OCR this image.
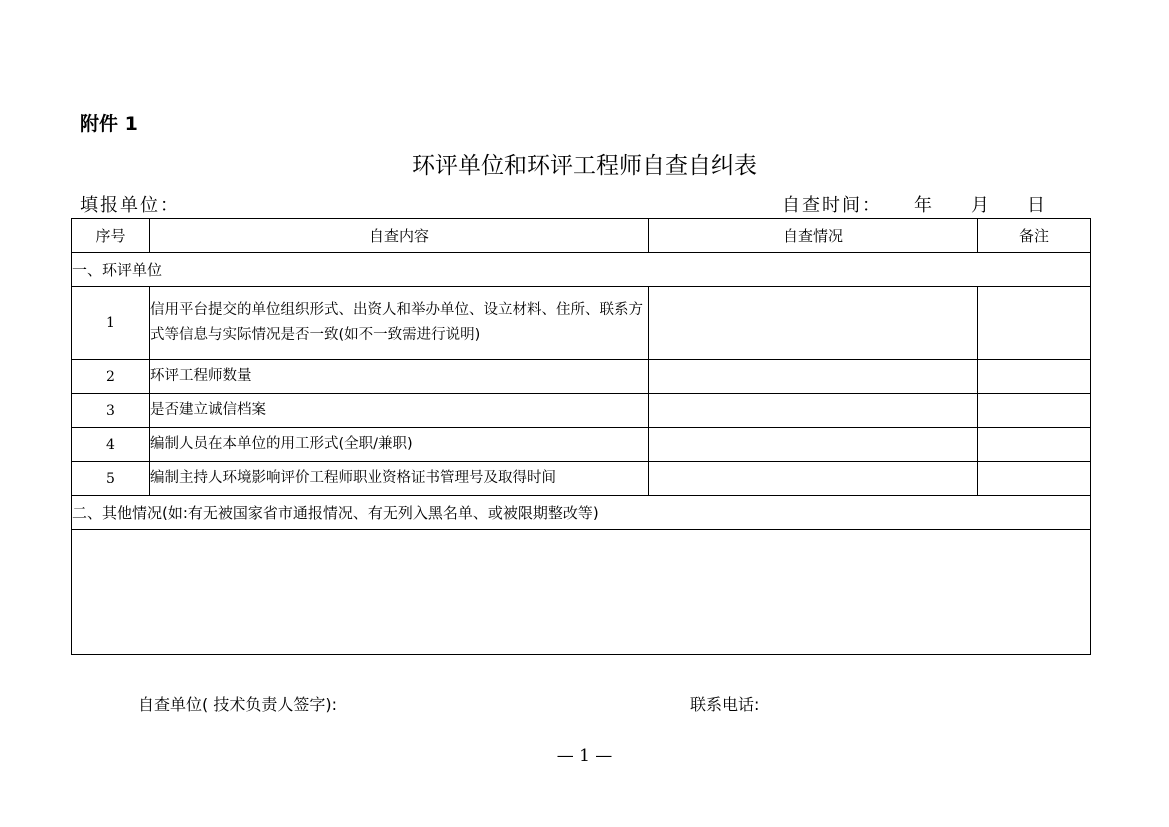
附件 1
环评单位和环评工程师自查自纠表
填报单位：	自查时间： 年 月 日
序号	自查内容	自查情况	备注
一、环评单位			
1	信用平台提交的单位组织形式、出资人和举办单位、设立材料、住所、联系方式等信息与实际情况是否一致(如不一致需进行说明)		
2	环评工程师数量		
3	是否建立诚信档案		
4	编制人员在本单位的用工形式(全职/兼职)		
5	编制主持人环境影响评价工程师职业资格证书管理号及取得时间		
二、其他情况(如:有无被国家省市通报情况、有无列入黑名单、或被限期整改等)			

自查单位( 技术负责人签字):	联系电话:
— 1 —
